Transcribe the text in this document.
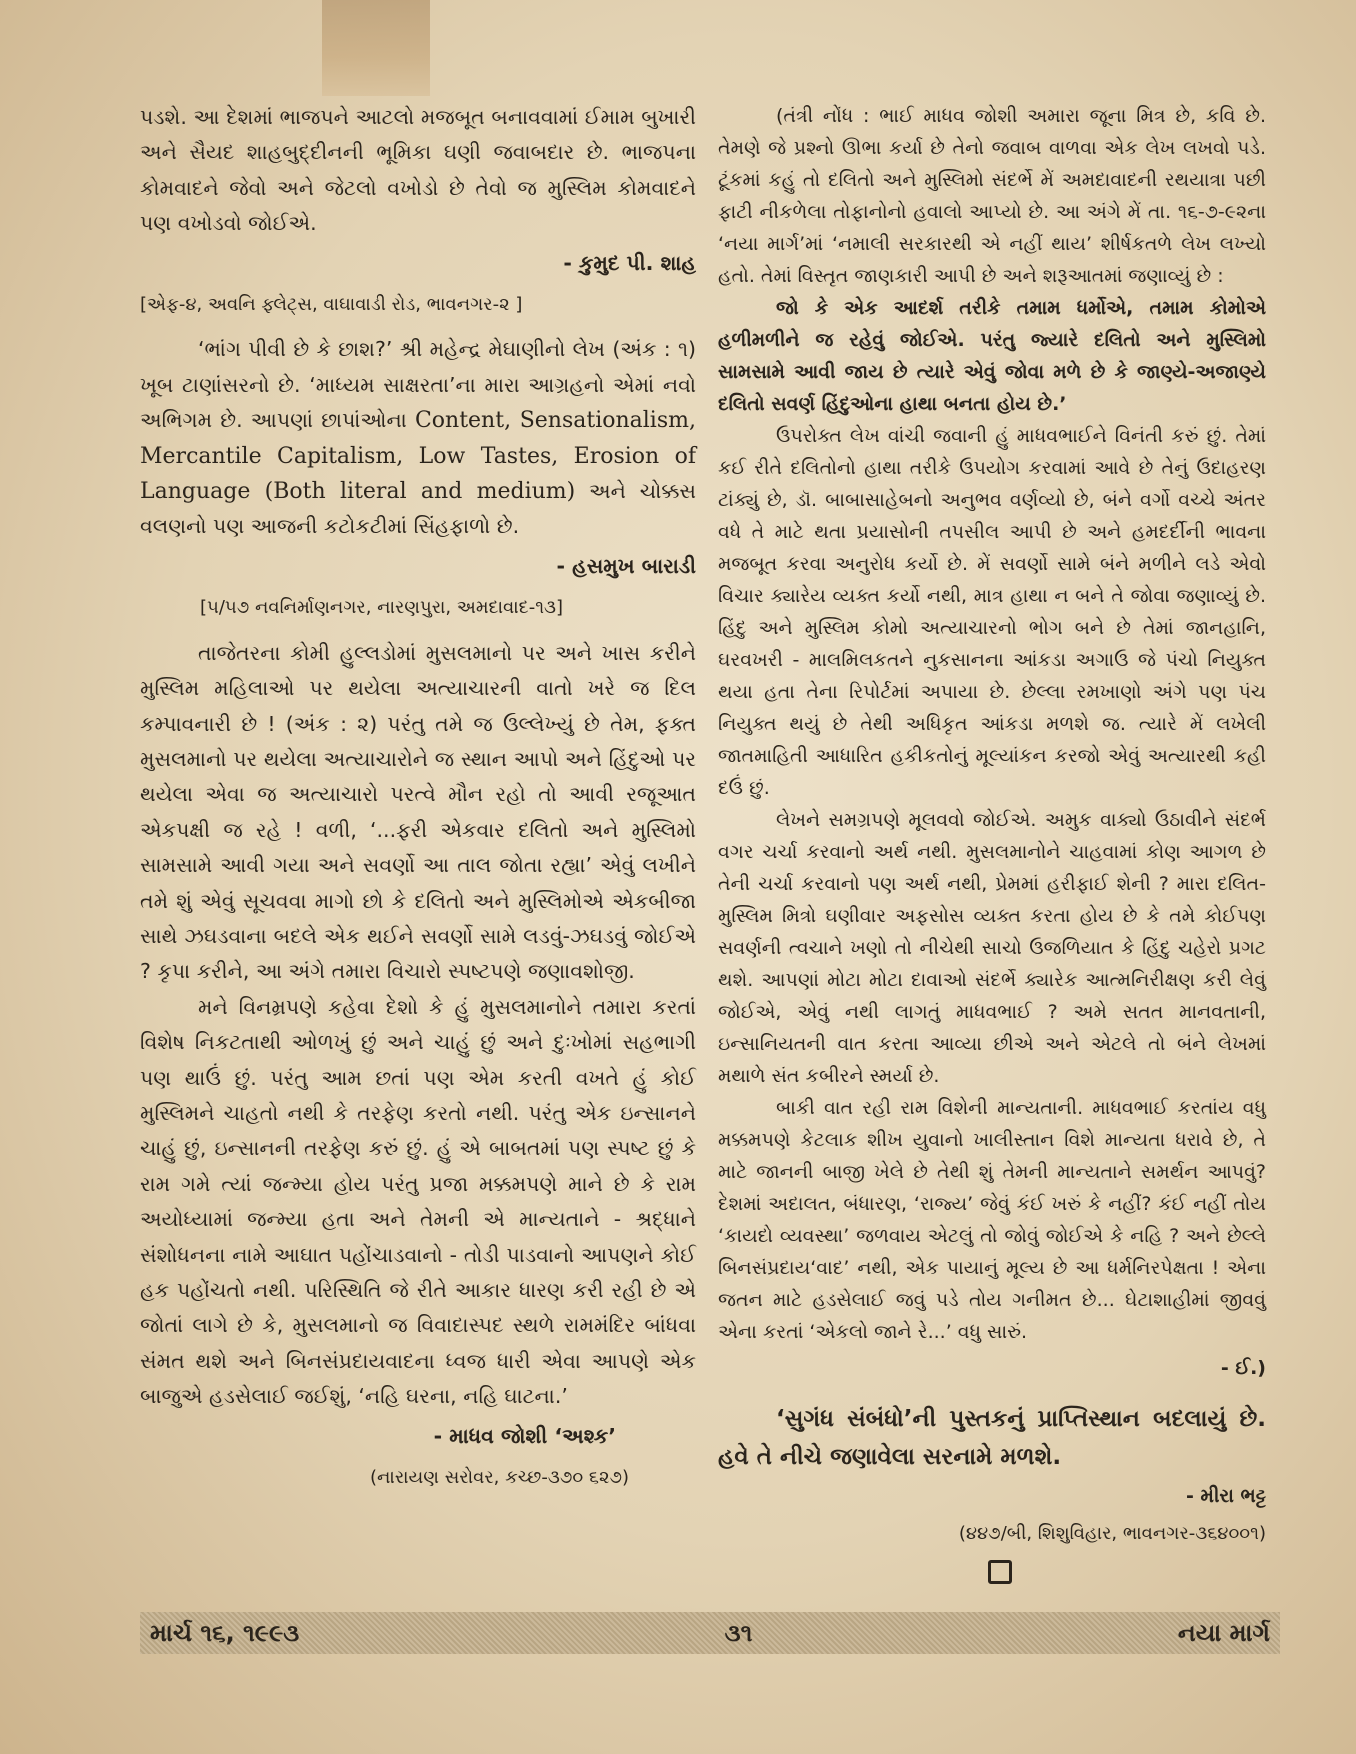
પડશે. આ દેશમાં ભાજપને આટલો મજબૂત બનાવવામાં ઈમામ બુખારી અને સૈયદ શાહબુદ્દીનની ભૂમિકા ઘણી જવાબદાર છે. ભાજપના કોમવાદને જેવો અને જેટલો વખોડો છે તેવો જ મુસ્લિમ કોમવાદને પણ વખોડવો જોઈએ.

- કુમુદ પી. શાહ
[એફ-૪, અવનિ ફ્લેટ્સ, વાઘાવાડી રોડ, ભાવનગર-૨ ]

‘ભાંગ પીવી છે કે છાશ?’ શ્રી મહેન્દ્ર મેઘાણીનો લેખ (અંક : ૧) ખૂબ ટાણાંસરનો છે. ‘માધ્યમ સાક્ષરતા’ના મારા આગ્રહનો એમાં નવો અભિગમ છે. આપણાં છાપાંઓના Content, Sensationalism, Mercantile Capitalism, Low Tastes, Erosion of Language (Both literal and medium) અને ચોક્કસ વલણનો પણ આજની કટોકટીમાં સિંહફાળો છે.

- હસમુખ બારાડી
[૫/૫૭ નવનિર્માણનગર, નારણપુરા, અમદાવાદ-૧૩]

તાજેતરના કોમી હુલ્લડોમાં મુસલમાનો પર અને ખાસ કરીને મુસ્લિમ મહિલાઓ પર થયેલા અત્યાચારની વાતો ખરે જ દિલ કમ્પાવનારી છે ! (અંક : ૨) પરંતુ તમે જ ઉલ્લેખ્યું છે તેમ, ફક્ત મુસલમાનો પર થયેલા અત્યાચારોને જ સ્થાન આપો અને હિંદુઓ પર થયેલા એવા જ અત્યાચારો પરત્વે મૌન રહો તો આવી રજૂઆત એકપક્ષી જ રહે ! વળી, ‘...ફરી એકવાર દલિતો અને મુસ્લિમો સામસામે આવી ગયા અને સવર્ણો આ તાલ જોતા રહ્યા’ એવું લખીને તમે શું એવું સૂચવવા માગો છો કે દલિતો અને મુસ્લિમોએ એકબીજા સાથે ઝઘડવાના બદલે એક થઈને સવર્ણો સામે લડવું-ઝઘડવું જોઈએ ? કૃપા કરીને, આ અંગે તમારા વિચારો સ્પષ્ટપણે જણાવશોજી.

મને વિનમ્રપણે કહેવા દેશો કે હું મુસલમાનોને તમારા કરતાં વિશેષ નિકટતાથી ઓળખું છું અને ચાહું છું અને દુઃખોમાં સહભાગી પણ થાઉં છું. પરંતુ આમ છતાં પણ એમ કરતી વખતે હું કોઈ મુસ્લિમને ચાહતો નથી કે તરફેણ કરતો નથી. પરંતુ એક ઇન્સાનને ચાહું છું, ઇન્સાનની તરફેણ કરું છું. હું એ બાબતમાં પણ સ્પષ્ટ છું કે રામ ગમે ત્યાં જન્મ્યા હોય પરંતુ પ્રજા મક્કમપણે માને છે કે રામ અયોધ્યામાં જન્મ્યા હતા અને તેમની એ માન્યતાને - શ્રદ્ધાને સંશોધનના નામે આઘાત પહોંચાડવાનો - તોડી પાડવાનો આપણને કોઈ હક પહોંચતો નથી. પરિસ્થિતિ જે રીતે આકાર ધારણ કરી રહી છે એ જોતાં લાગે છે કે, મુસલમાનો જ વિવાદાસ્પદ સ્થળે રામમંદિર બાંધવા સંમત થશે અને બિનસંપ્રદાયવાદના ધ્વજ ધારી એવા આપણે એક બાજુએ હડસેલાઈ જઈશું, ‘નહિ ઘરના, નહિ ઘાટના.’

- માધવ જોશી ‘અશ્ક’
(નારાયણ સરોવર, કચ્છ-૩૭૦ ૬૨૭)

(તંત્રી નોંધ : ભાઈ માધવ જોશી અમારા જૂના મિત્ર છે, કવિ છે. તેમણે જે પ્રશ્નો ઊભા કર્યા છે તેનો જવાબ વાળવા એક લેખ લખવો પડે. ટૂંકમાં કહું તો દલિતો અને મુસ્લિમો સંદર્ભે મેં અમદાવાદની રથયાત્રા પછી ફાટી નીકળેલા તોફાનોનો હવાલો આપ્યો છે. આ અંગે મેં તા. ૧૬-૭-૯૨ના ‘નયા માર્ગ’માં ‘નમાલી સરકારથી એ નહીં થાય’ શીર્ષકતળે લેખ લખ્યો હતો. તેમાં વિસ્તૃત જાણકારી આપી છે અને શરૂઆતમાં જણાવ્યું છે :

જો કે એક આદર્શ તરીકે તમામ ધર્મોએ, તમામ કોમોએ હળીમળીને જ રહેવું જોઈએ. પરંતુ જ્યારે દલિતો અને મુસ્લિમો સામસામે આવી જાય છે ત્યારે એવું જોવા મળે છે કે જાણ્યે-અજાણ્યે દલિતો સવર્ણ હિંદુઓના હાથા બનતા હોય છે.’

ઉપરોક્ત લેખ વાંચી જવાની હું માધવભાઈને વિનંતી કરું છું. તેમાં કઈ રીતે દલિતોનો હાથા તરીકે ઉપયોગ કરવામાં આવે છે તેનું ઉદાહરણ ટાંક્યું છે, ડૉ. બાબાસાહેબનો અનુભવ વર્ણવ્યો છે, બંને વર્ગો વચ્ચે અંતર વધે તે માટે થતા પ્રયાસોની તપસીલ આપી છે અને હમદર્દીની ભાવના મજબૂત કરવા અનુરોધ કર્યો છે. મેં સવર્ણો સામે બંને મળીને લડે એવો વિચાર ક્યારેય વ્યક્ત કર્યો નથી, માત્ર હાથા ન બને તે જોવા જણાવ્યું છે. હિંદુ અને મુસ્લિમ કોમો અત્યાચારનો ભોગ બને છે તેમાં જાનહાનિ, ઘરવખરી - માલમિલકતને નુકસાનના આંકડા અગાઉ જે પંચો નિયુક્ત થયા હતા તેના રિપોર્ટમાં અપાયા છે. છેલ્લા રમખાણો અંગે પણ પંચ નિયુક્ત થયું છે તેથી અધિકૃત આંકડા મળશે જ. ત્યારે મેં લખેલી જાતમાહિતી આધારિત હકીકતોનું મૂલ્યાંકન કરજો એવું અત્યારથી કહી દઉં છું.

લેખને સમગ્રપણે મૂલવવો જોઈએ. અમુક વાક્યો ઉઠાવીને સંદર્ભ વગર ચર્ચા કરવાનો અર્થ નથી. મુસલમાનોને ચાહવામાં કોણ આગળ છે તેની ચર્ચા કરવાનો પણ અર્થ નથી, પ્રેમમાં હરીફાઈ શેની ? મારા દલિત- મુસ્લિમ મિત્રો ઘણીવાર અફસોસ વ્યક્ત કરતા હોય છે કે તમે કોઈપણ સવર્ણની ત્વચાને ખણો તો નીચેથી સાચો ઉજળિયાત કે હિંદુ ચહેરો પ્રગટ થશે. આપણાં મોટા મોટા દાવાઓ સંદર્ભે ક્યારેક આત્મનિરીક્ષણ કરી લેવું જોઈએ, એવું નથી લાગતું માધવભાઈ ? અમે સતત માનવતાની, ઇન્સાનિયતની વાત કરતા આવ્યા છીએ અને એટલે તો બંને લેખમાં મથાળે સંત કબીરને સ્મર્યા છે.

બાકી વાત રહી રામ વિશેની માન્યતાની. માધવભાઈ કરતાંય વધુ મક્કમપણે કેટલાક શીખ યુવાનો ખાલીસ્તાન વિશે માન્યતા ધરાવે છે, તે માટે જાનની બાજી ખેલે છે તેથી શું તેમની માન્યતાને સમર્થન આપવું? દેશમાં અદાલત, બંધારણ, ‘રાજ્ય’ જેવું કંઈ ખરું કે નહીં? કંઈ નહીં તોય ‘કાયદો વ્યવસ્થા’ જળવાય એટલું તો જોવું જોઈએ કે નહિ ? અને છેલ્લે બિનસંપ્રદાય‘વાદ’ નથી, એક પાયાનું મૂલ્ય છે આ ધર્મનિરપેક્ષતા ! એના જતન માટે હડસેલાઈ જવું પડે તોય ગનીમત છે... ઘેટાશાહીમાં જીવવું એના કરતાં ‘એકલો જાને રે...’ વધુ સારું.

- ઈ.)

‘સુગંધ સંબંધો’ની પુસ્તકનું પ્રાપ્તિસ્થાન બદલાયું છે. હવે તે નીચે જણાવેલા સરનામે મળશે.

- મીરા ભટ્ટ
(૪૪૭/બી, શિશુવિહાર, ભાવનગર-૩૬૪૦૦૧)
માર્ચ ૧૬, ૧૯૯૩	૩૧	નયા માર્ગ
